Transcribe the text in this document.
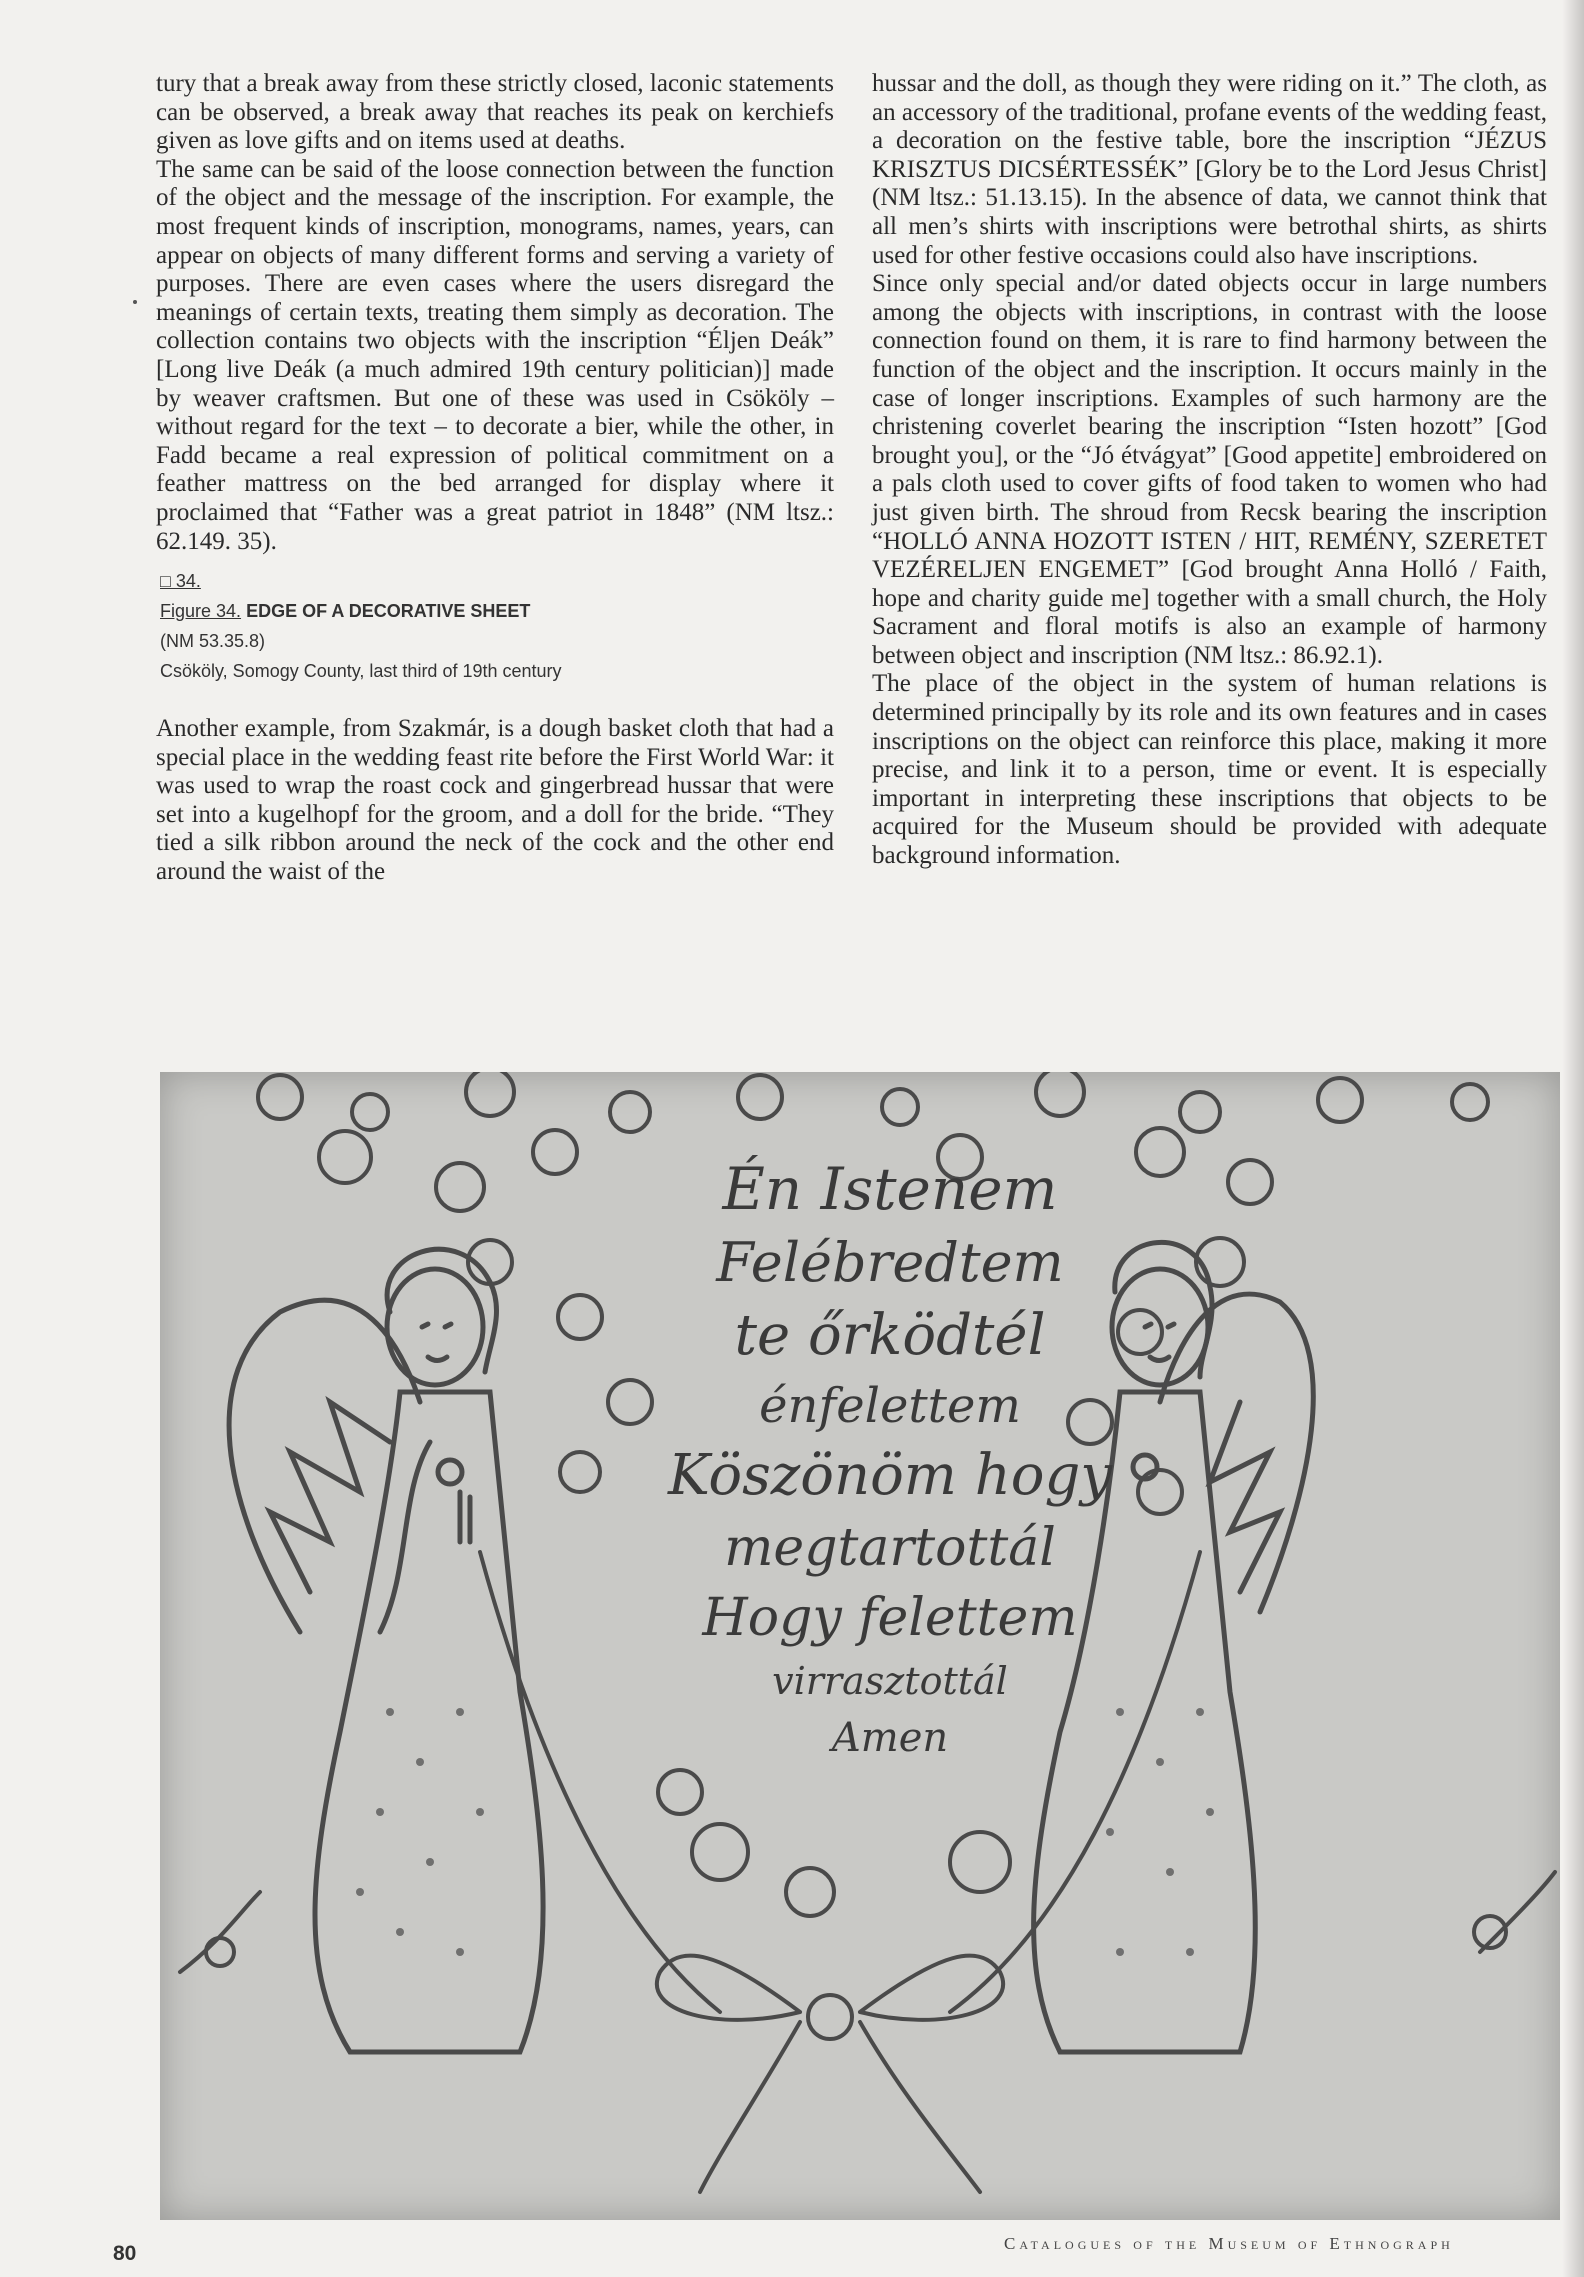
tury that a break away from these strictly closed, laconic statements can be observed, a break away that reaches its peak on kerchiefs given as love gifts and on items used at deaths.

The same can be said of the loose connection between the function of the object and the message of the inscription. For example, the most frequent kinds of inscription, monograms, names, years, can appear on objects of many different forms and serving a variety of purposes. There are even cases where the users disregard the meanings of certain texts, treating them simply as decoration. The collection contains two objects with the inscription “Éljen Deák” [Long live Deák (a much admired 19th century politician)] made by weaver craftsmen. But one of these was used in Csököly – without regard for the text – to decorate a bier, while the other, in Fadd became a real expression of political commitment on a feather mattress on the bed arranged for display where it proclaimed that “Father was a great patriot in 1848” (NM ltsz.: 62.149. 35).

□ 34.
Figure 34. EDGE OF A DECORATIVE SHEET
(NM 53.35.8)
Csököly, Somogy County, last third of 19th century

Another example, from Szakmár, is a dough basket cloth that had a special place in the wedding feast rite before the First World War: it was used to wrap the roast cock and gingerbread hussar that were set into a kugelhopf for the groom, and a doll for the bride. “They tied a silk ribbon around the neck of the cock and the other end around the waist of the

hussar and the doll, as though they were riding on it.” The cloth, as an accessory of the traditional, profane events of the wedding feast, a decoration on the festive table, bore the inscription “JÉZUS KRISZTUS DICSÉRTESSÉK” [Glory be to the Lord Jesus Christ] (NM ltsz.: 51.13.15). In the absence of data, we cannot think that all men’s shirts with inscriptions were betrothal shirts, as shirts used for other festive occasions could also have inscriptions.

Since only special and/or dated objects occur in large numbers among the objects with inscriptions, in contrast with the loose connection found on them, it is rare to find harmony between the function of the object and the inscription. It occurs mainly in the case of longer inscriptions. Examples of such harmony are the christening coverlet bearing the inscription “Isten hozott” [God brought you], or the “Jó étvágyat” [Good appetite] embroidered on a pals cloth used to cover gifts of food taken to women who had just given birth. The shroud from Recsk bearing the inscription “HOLLÓ ANNA HOZOTT ISTEN / HIT, REMÉNY, SZERETET VEZÉRELJEN ENGEMET” [God brought Anna Holló / Faith, hope and charity guide me] together with a small church, the Holy Sacrament and floral motifs is also an example of harmony between object and inscription (NM ltsz.: 86.92.1).

The place of the object in the system of human relations is determined principally by its role and its own features and in cases inscriptions on the object can reinforce this place, making it more precise, and link it to a person, time or event. It is especially important in interpreting these inscriptions that objects to be acquired for the Museum should be provided with adequate background information.

Én Istenem
Felébredtem
te őrködtél
énfelettem
Köszönöm hogy
megtartottál
Hogy felettem
virrasztottál
Amen
80	Catalogues of the Museum of Ethnograph
